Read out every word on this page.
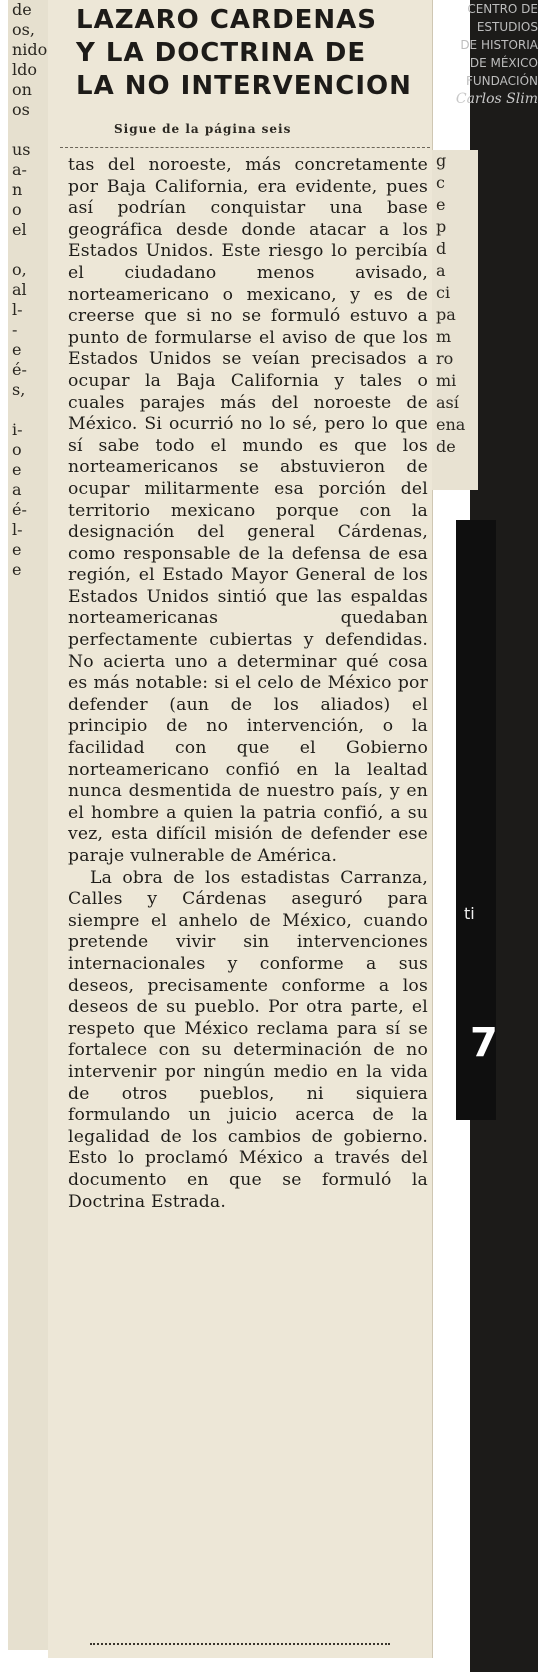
de
os,
nido
ldo
on
os

us
a-
n
o
el

o,
al
l-
-
e
é-
s,

i-
o
e
a
é-
l-
e
e
LAZARO CARDENAS
Y LA DOCTRINA DE
LA NO INTERVENCION
Sigue de la página seis

tas del noroeste, más concretamente por Baja California, era evidente, pues así podrían conquistar una base geográfica desde donde atacar a los Estados Unidos. Este riesgo lo percibía el ciudadano menos avisado, norteamericano o mexicano, y es de creerse que si no se formuló estuvo a punto de formularse el aviso de que los Estados Unidos se veían precisados a ocupar la Baja California y tales o cuales parajes más del noroeste de México. Si ocurrió no lo sé, pero lo que sí sabe todo el mundo es que los norteamericanos se abstuvieron de ocupar militarmente esa porción del territorio mexicano porque con la designación del general Cárdenas, como responsable de la defensa de esa región, el Estado Mayor General de los Estados Unidos sintió que las espaldas norteamericanas quedaban perfectamente cubiertas y defendidas. No acierta uno a determinar qué cosa es más notable: si el celo de México por defender (aun de los aliados) el principio de no intervención, o la facilidad con que el Gobierno norteamericano confió en la lealtad nunca desmentida de nuestro país, y en el hombre a quien la patria confió, a su vez, esta difícil misión de defender ese paraje vulnerable de América.

La obra de los estadistas Carranza, Calles y Cárdenas aseguró para siempre el anhelo de México, cuando pretende vivir sin intervenciones internacionales y conforme a sus deseos, precisamente conforme a los deseos de su pueblo. Por otra parte, el respeto que México reclama para sí se fortalece con su determinación de no intervenir por ningún medio en la vida de otros pueblos, ni siquiera formulando un juicio acerca de la legalidad de los cambios de gobierno. Esto lo proclamó México a través del documento en que se formuló la Doctrina Estrada.

g
c
e
p
d
a
ci
pa
m
ro
mi
así
ena
de
ti
7
CENTRO DE
ESTUDIOS
DE HISTORIA
DE MÉXICO
FUNDACIÓN
Carlos Slim
